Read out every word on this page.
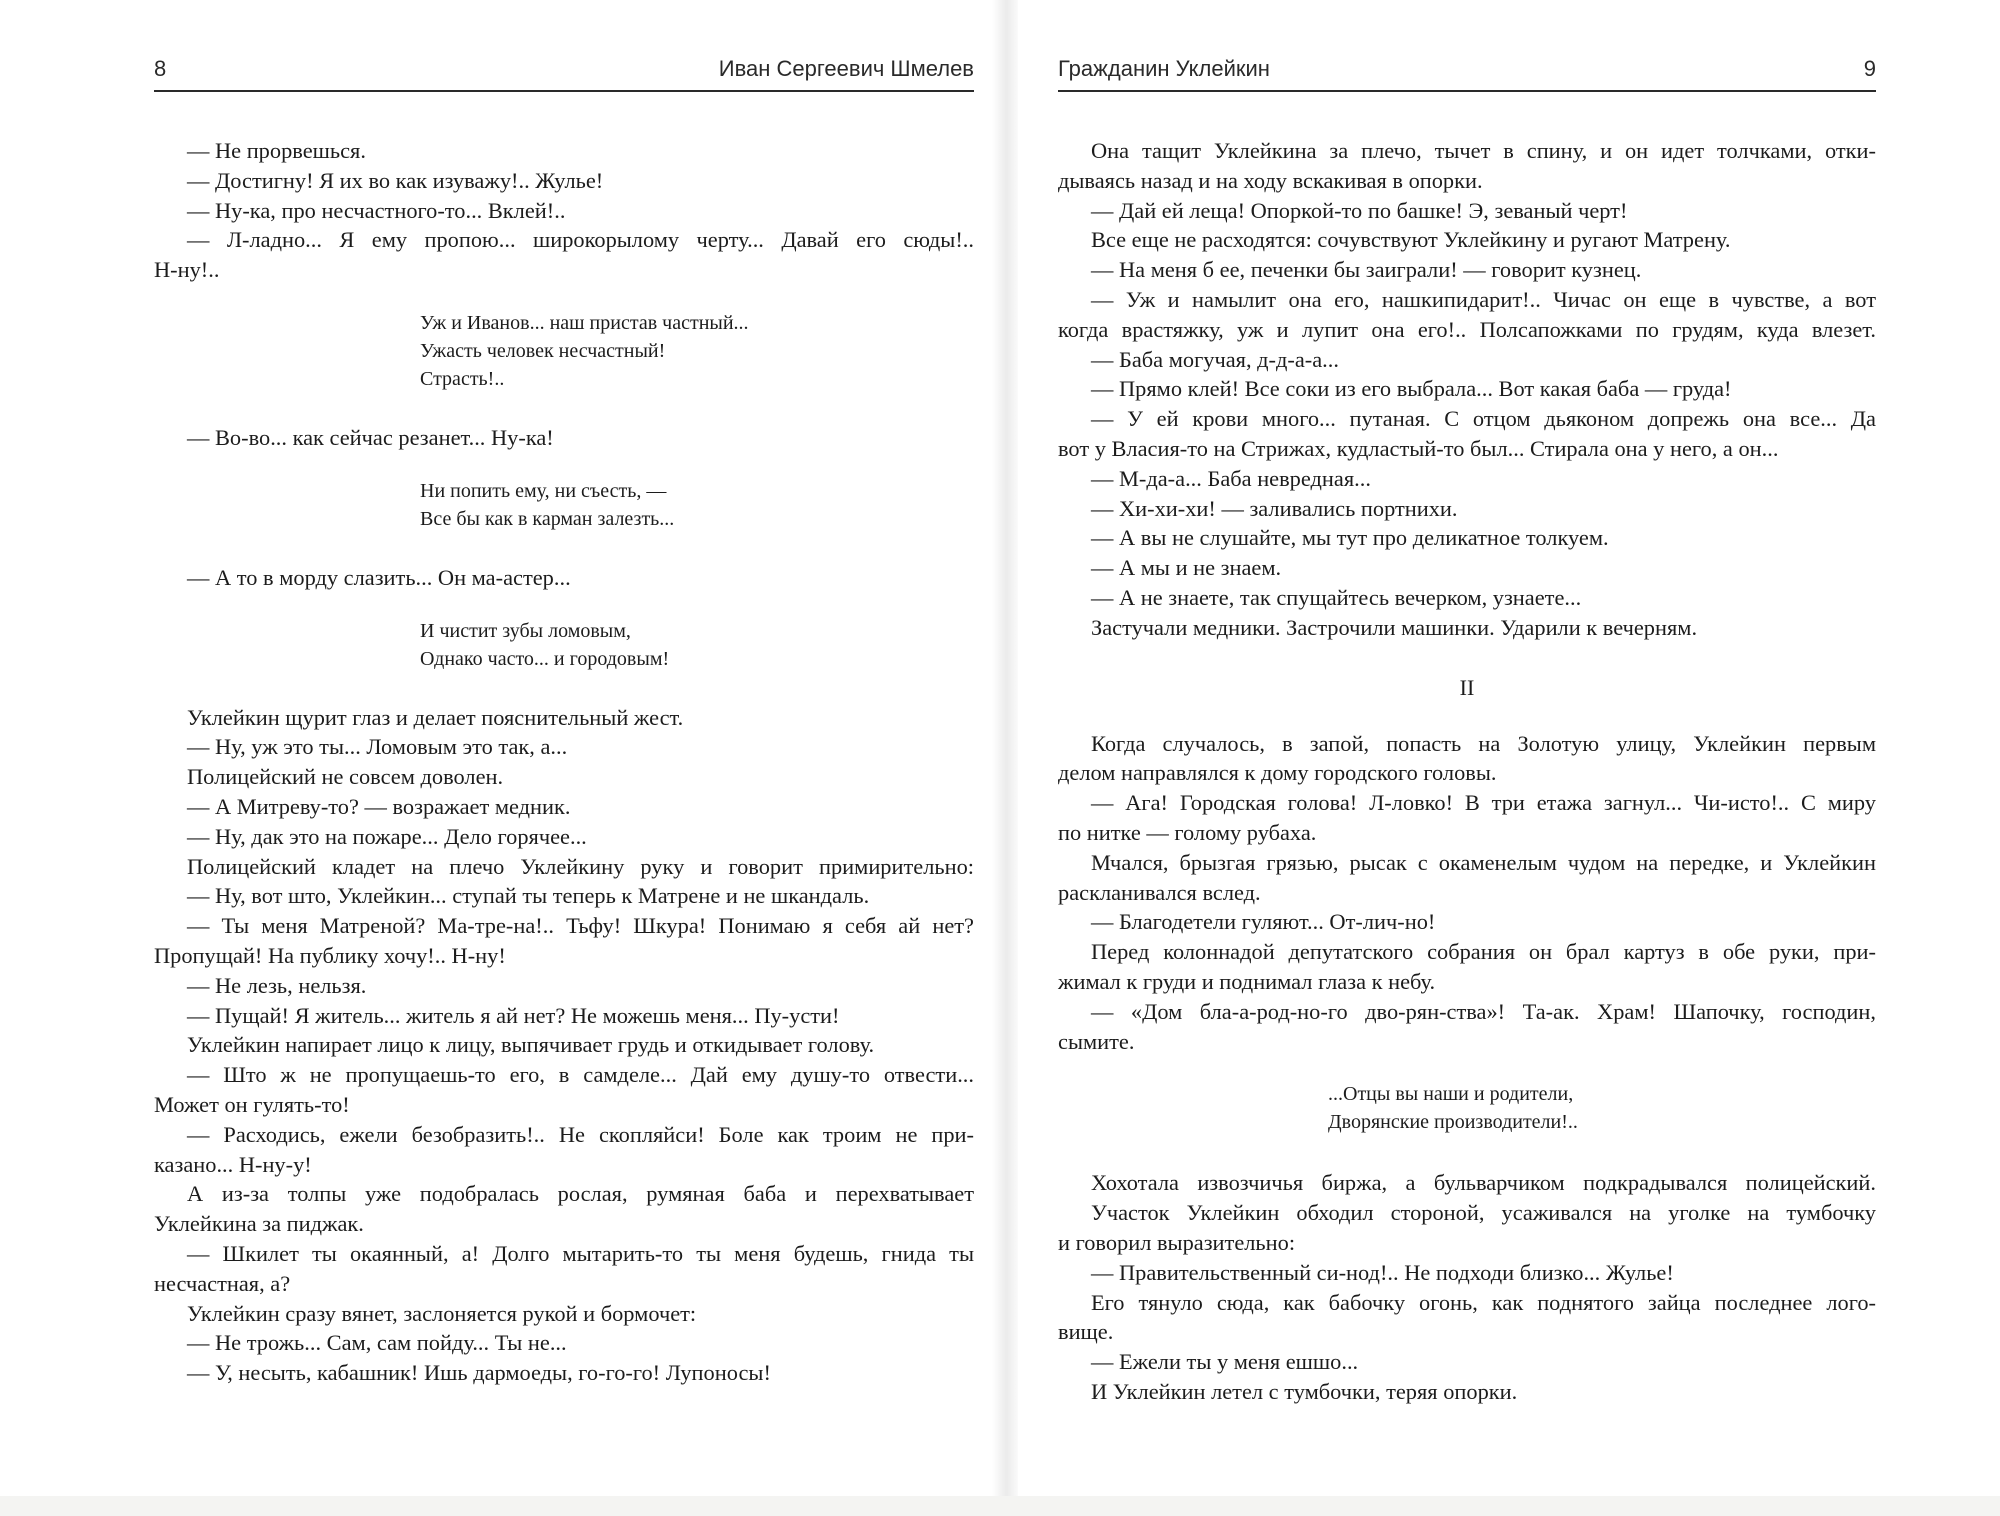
8	Иван Сергеевич Шмелев
— Не прорвешься.
— Достигну! Я их во как изуважу!.. Жулье!
— Ну-ка, про несчастного-то... Вклей!..
— Л-ладно... Я ему пропою... широкорылому черту... Давай его сюды!..
Н-ну!..
Уж и Иванов... наш пристав частный...
Ужасть человек несчастный!
Страсть!..
— Во-во... как сейчас резанет... Ну-ка!
Ни попить ему, ни съесть, —
Все бы как в карман залезть...
— А то в морду слазить... Он ма-астер...
И чистит зубы ломовым,
Однако часто... и городовым!
Уклейкин щурит глаз и делает пояснительный жест.
— Ну, уж это ты... Ломовым это так, а...
Полицейский не совсем доволен.
— А Митреву-то? — возражает медник.
— Ну, дак это на пожаре... Дело горячее...
Полицейский кладет на плечо Уклейкину руку и говорит примирительно:
— Ну, вот што, Уклейкин... ступай ты теперь к Матрене и не шкандаль.
— Ты меня Матреной? Ма-тре-на!.. Тьфу! Шкура! Понимаю я себя ай нет?
Пропущай! На публику хочу!.. Н-ну!
— Не лезь, нельзя.
— Пущай! Я житель... житель я ай нет? Не можешь меня... Пу-усти!
Уклейкин напирает лицо к лицу, выпячивает грудь и откидывает голову.
— Што ж не пропущаешь-то его, в самделе... Дай ему душу-то отвести...
Может он гулять-то!
— Расходись, ежели безобразить!.. Не скопляйси! Боле как троим не при-
казано... Н-ну-у!
А из-за толпы уже подобралась рослая, румяная баба и перехватывает
Уклейкина за пиджак.
— Шкилет ты окаянный, а! Долго мытарить-то ты меня будешь, гнида ты
несчастная, а?
Уклейкин сразу вянет, заслоняется рукой и бормочет:
— Не трожь... Сам, сам пойду... Ты не...
— У, несыть, кабашник! Ишь дармоеды, го-го-го! Лупоносы!
Гражданин Уклейкин	9
Она тащит Уклейкина за плечо, тычет в спину, и он идет толчками, отки-
дываясь назад и на ходу вскакивая в опорки.
— Дай ей леща! Опоркой-то по башке! Э, зеваный черт!
Все еще не расходятся: сочувствуют Уклейкину и ругают Матрену.
— На меня б ее, печенки бы заиграли! — говорит кузнец.
— Уж и намылит она его, нашкипидарит!.. Чичас он еще в чувстве, а вот
когда врастяжку, уж и лупит она его!.. Полсапожками по грудям, куда влезет.
— Баба могучая, д-д-а-а...
— Прямо клей! Все соки из его выбрала... Вот какая баба — груда!
— У ей крови много... путаная. С отцом дьяконом допрежь она все... Да
вот у Власия-то на Стрижах, кудластый-то был... Стирала она у него, а он...
— М-да-а... Баба невредная...
— Хи-хи-хи! — заливались портнихи.
— А вы не слушайте, мы тут про деликатное толкуем.
— А мы и не знаем.
— А не знаете, так спущайтесь вечерком, узнаете...
Застучали медники. Застрочили машинки. Ударили к вечерням.
II
Когда случалось, в запой, попасть на Золотую улицу, Уклейкин первым
делом направлялся к дому городского головы.
— Ага! Городская голова! Л-ловко! В три етажа загнул... Чи-исто!.. С миру
по нитке — голому рубаха.
Мчался, брызгая грязью, рысак с окаменелым чудом на передке, и Уклейкин
раскланивался вслед.
— Благодетели гуляют... От-лич-но!
Перед колоннадой депутатского собрания он брал картуз в обе руки, при-
жимал к груди и поднимал глаза к небу.
— «Дом бла-а-род-но-го дво-рян-ства»! Та-ак. Храм! Шапочку, господин,
сымите.
...Отцы вы наши и родители,
Дворянские производители!..
Хохотала извозчичья биржа, а бульварчиком подкрадывался полицейский.
Участок Уклейкин обходил стороной, усаживался на уголке на тумбочку
и говорил выразительно:
— Правительственный си-нод!.. Не подходи близко... Жулье!
Его тянуло сюда, как бабочку огонь, как поднятого зайца последнее лого-
вище.
— Ежели ты у меня ешшо...
И Уклейкин летел с тумбочки, теряя опорки.
